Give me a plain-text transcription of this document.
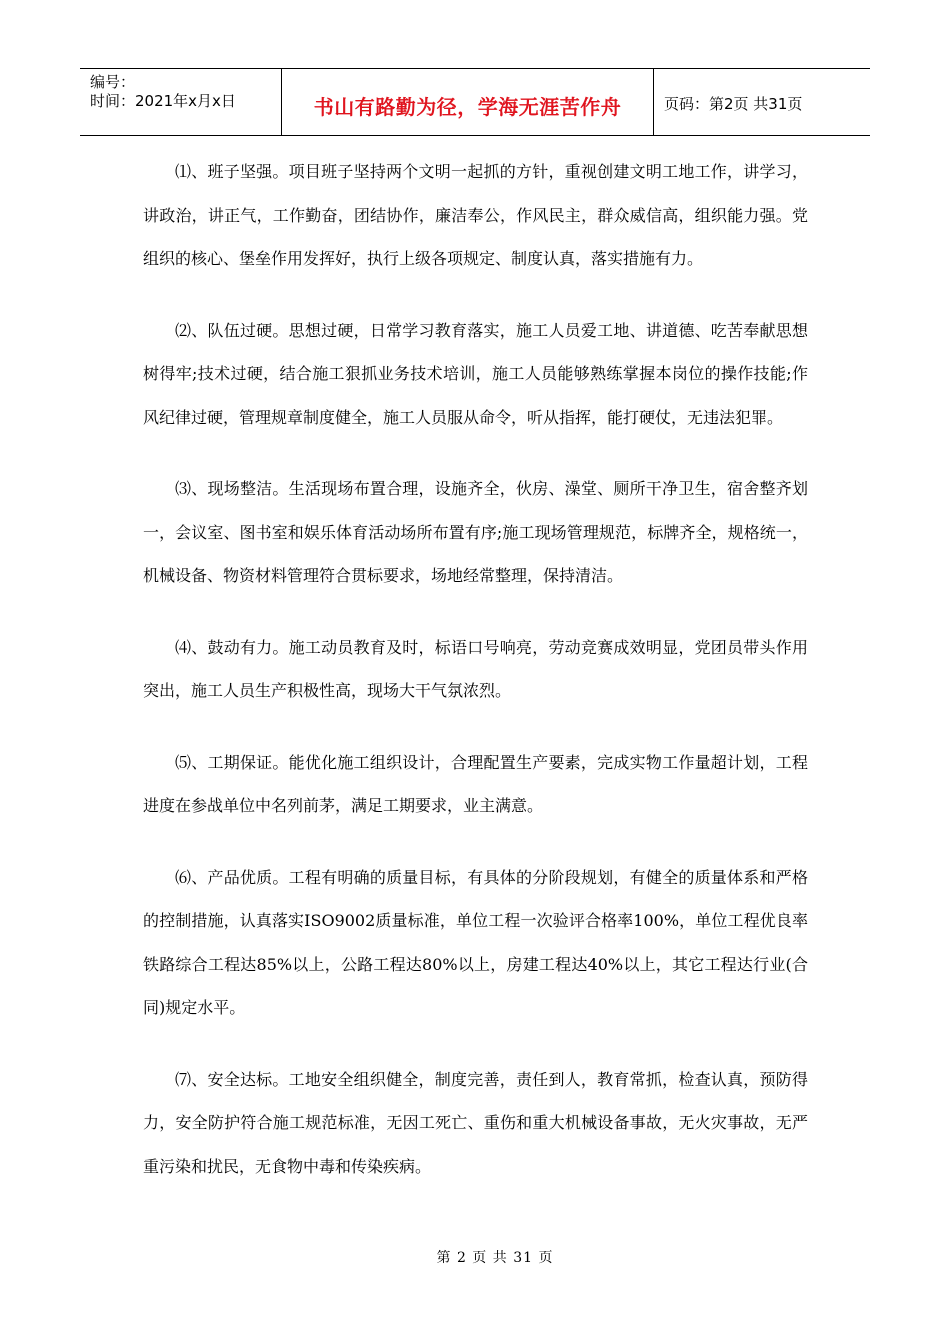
编号：
时间：2021年x月x日	书山有路勤为径，学海无涯苦作舟	页码：第2页 共31页

⑴、班子坚强。项目班子坚持两个文明一起抓的方针，重视创建文明工地工作，讲学习，讲政治，讲正气，工作勤奋，团结协作，廉洁奉公，作风民主，群众威信高，组织能力强。党组织的核心、堡垒作用发挥好，执行上级各项规定、制度认真，落实措施有力。

⑵、队伍过硬。思想过硬，日常学习教育落实，施工人员爱工地、讲道德、吃苦奉献思想树得牢;技术过硬，结合施工狠抓业务技术培训，施工人员能够熟练掌握本岗位的操作技能;作风纪律过硬，管理规章制度健全，施工人员服从命令，听从指挥，能打硬仗，无违法犯罪。

⑶、现场整洁。生活现场布置合理，设施齐全，伙房、澡堂、厕所干净卫生，宿舍整齐划一，会议室、图书室和娱乐体育活动场所布置有序;施工现场管理规范，标牌齐全，规格统一，机械设备、物资材料管理符合贯标要求，场地经常整理，保持清洁。

⑷、鼓动有力。施工动员教育及时，标语口号响亮，劳动竞赛成效明显，党团员带头作用突出，施工人员生产积极性高，现场大干气氛浓烈。

⑸、工期保证。能优化施工组织设计，合理配置生产要素，完成实物工作量超计划，工程进度在参战单位中名列前茅，满足工期要求，业主满意。

⑹、产品优质。工程有明确的质量目标，有具体的分阶段规划，有健全的质量体系和严格的控制措施，认真落实ISO9002质量标准，单位工程一次验评合格率100%，单位工程优良率铁路综合工程达85%以上，公路工程达80%以上，房建工程达40%以上，其它工程达行业(合同)规定水平。

⑺、安全达标。工地安全组织健全，制度完善，责任到人，教育常抓，检查认真，预防得力，安全防护符合施工规范标准，无因工死亡、重伤和重大机械设备事故，无火灾事故，无严重污染和扰民，无食物中毒和传染疾病。

第 2 页 共 31 页
